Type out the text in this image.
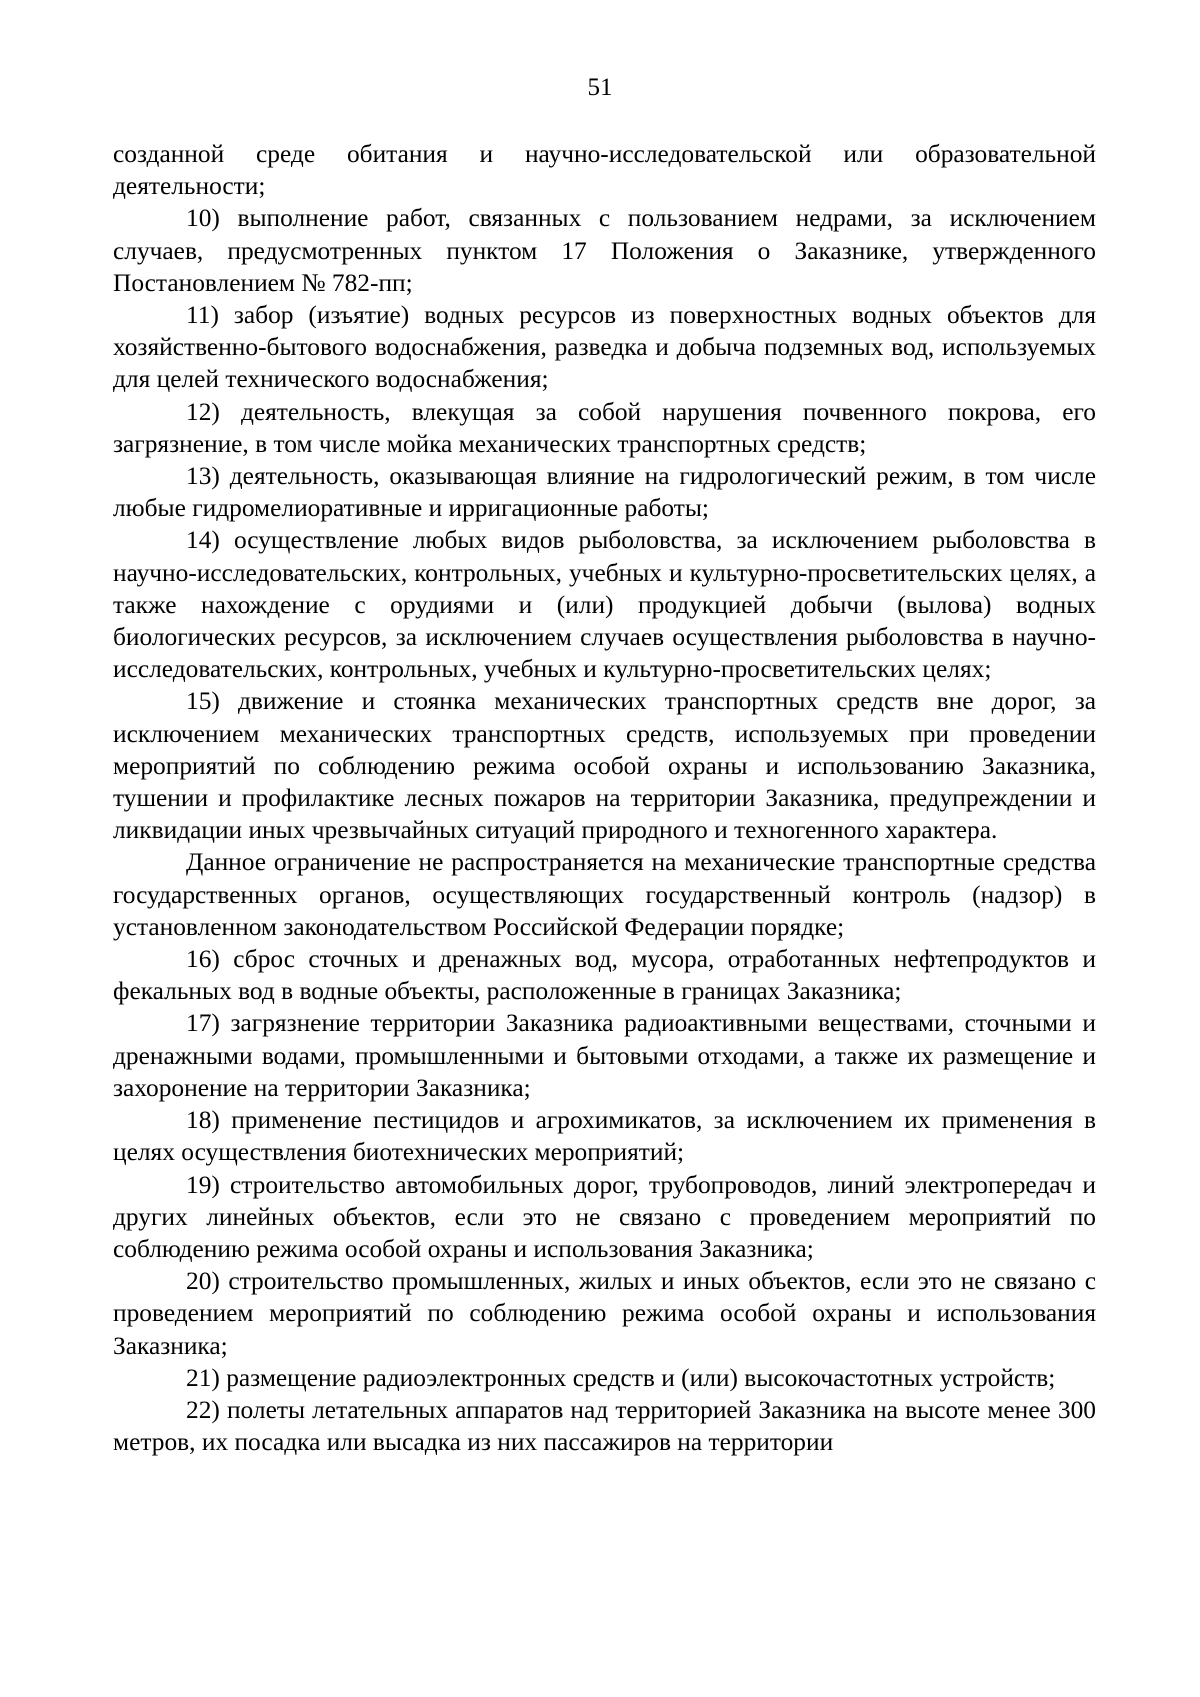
51

созданной среде обитания и научно-исследовательской или образовательной деятельности;

10) выполнение работ, связанных с пользованием недрами, за исключением случаев, предусмотренных пунктом 17 Положения о Заказнике, утвержденного Постановлением № 782-пп;

11) забор (изъятие) водных ресурсов из поверхностных водных объектов для хозяйственно-бытового водоснабжения, разведка и добыча подземных вод, используемых для целей технического водоснабжения;

12) деятельность, влекущая за собой нарушения почвенного покрова, его загрязнение, в том числе мойка механических транспортных средств;

13) деятельность, оказывающая влияние на гидрологический режим, в том числе любые гидромелиоративные и ирригационные работы;

14) осуществление любых видов рыболовства, за исключением рыболовства в научно-исследовательских, контрольных, учебных и культурно-просветительских целях, а также нахождение с орудиями и (или) продукцией добычи (вылова) водных биологических ресурсов, за исключением случаев осуществления рыболовства в научно-исследовательских, контрольных, учебных и культурно-просветительских целях;

15) движение и стоянка механических транспортных средств вне дорог, за исключением механических транспортных средств, используемых при проведении мероприятий по соблюдению режима особой охраны и использованию Заказника, тушении и профилактике лесных пожаров на территории Заказника, предупреждении и ликвидации иных чрезвычайных ситуаций природного и техногенного характера.

Данное ограничение не распространяется на механические транспортные средства государственных органов, осуществляющих государственный контроль (надзор) в установленном законодательством Российской Федерации порядке;

16) сброс сточных и дренажных вод, мусора, отработанных нефтепродуктов и фекальных вод в водные объекты, расположенные в границах Заказника;

17) загрязнение территории Заказника радиоактивными веществами, сточными и дренажными водами, промышленными и бытовыми отходами, а также их размещение и захоронение на территории Заказника;

18) применение пестицидов и агрохимикатов, за исключением их применения в целях осуществления биотехнических мероприятий;

19) строительство автомобильных дорог, трубопроводов, линий электропередач и других линейных объектов, если это не связано с проведением мероприятий по соблюдению режима особой охраны и использования Заказника;

20) строительство промышленных, жилых и иных объектов, если это не связано с проведением мероприятий по соблюдению режима особой охраны и использования Заказника;

21) размещение радиоэлектронных средств и (или) высокочастотных устройств;

22) полеты летательных аппаратов над территорией Заказника на высоте менее 300 метров, их посадка или высадка из них пассажиров на территории
